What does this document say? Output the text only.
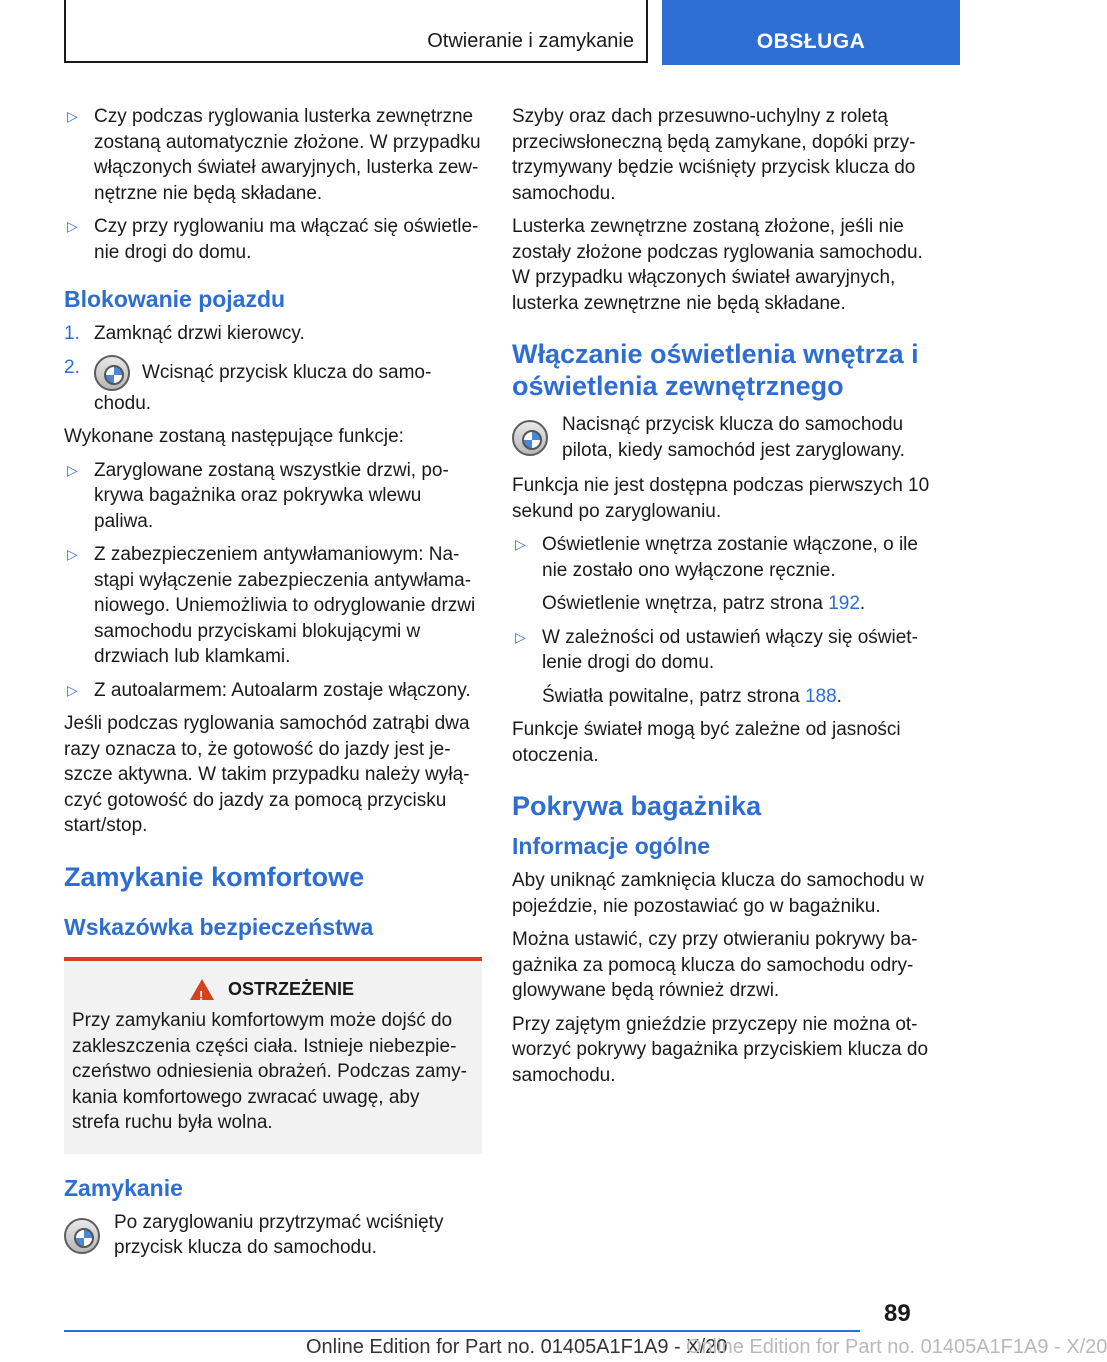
Otwieranie i zamykanie	OBSŁUGA
▷ Czy podczas ryglowania lusterka zewnętrzne zostaną automatycznie złożone. W przypadku włączonych świateł awaryjnych, lusterka zew-nętrzne nie będą składane.
▷ Czy przy ryglowaniu ma włączać się oświetle-nie drogi do domu.
Blokowanie pojazdu
1. Zamknąć drzwi kierowcy.
2.	Wcisnąć przycisk klucza do samo-chodu.

Wykonane zostaną następujące funkcje:

▷ Zaryglowane zostaną wszystkie drzwi, po-krywa bagażnika oraz pokrywka wlewu paliwa.
▷ Z zabezpieczeniem antywłamaniowym: Na-stąpi wyłączenie zabezpieczenia antywłama-niowego. Uniemożliwia to odryglowanie drzwi samochodu przyciskami blokującymi w drzwiach lub klamkami.
▷ Z autoalarmem: Autoalarm zostaje włączony.

Jeśli podczas ryglowania samochód zatrąbi dwa razy oznacza to, że gotowość do jazdy jest je-szcze aktywna. W takim przypadku należy wyłą-czyć gotowość do jazdy za pomocą przycisku start/stop.

Zamykanie komfortowe
Wskazówka bezpieczeństwa
!
OSTRZEŻENIE
Przy zamykaniu komfortowym może dojść do zakleszczenia części ciała. Istnieje niebezpie-czeństwo odniesienia obrażeń. Podczas zamy-kania komfortowego zwracać uwagę, aby strefa ruchu była wolna.
Zamykanie
Po zaryglowaniu przytrzymać wciśnięty przycisk klucza do samochodu.

Szyby oraz dach przesuwno-uchylny z roletą przeciwsłoneczną będą zamykane, dopóki przy-trzymywany będzie wciśnięty przycisk klucza do samochodu.

Lusterka zewnętrzne zostaną złożone, jeśli nie zostały złożone podczas ryglowania samochodu. W przypadku włączonych świateł awaryjnych, lusterka zewnętrzne nie będą składane.

Włączanie oświetlenia wnętrza i oświetlenia zewnętrznego
Nacisnąć przycisk klucza do samochodu pilota, kiedy samochód jest zaryglowany.

Funkcja nie jest dostępna podczas pierwszych 10 sekund po zaryglowaniu.

▷ Oświetlenie wnętrza zostanie włączone, o ile nie zostało ono wyłączone ręcznie.
Oświetlenie wnętrza, patrz strona 192.
▷ W zależności od ustawień włączy się oświet-lenie drogi do domu.
Światła powitalne, patrz strona 188.

Funkcje świateł mogą być zależne od jasności otoczenia.

Pokrywa bagażnika
Informacje ogólne

Aby uniknąć zamknięcia klucza do samochodu w pojeździe, nie pozostawiać go w bagażniku.

Można ustawić, czy przy otwieraniu pokrywy ba-gażnika za pomocą klucza do samochodu odry-glowywane będą również drzwi.

Przy zajętym gnieździe przyczepy nie można ot-worzyć pokrywy bagażnika przyciskiem klucza do samochodu.

89
Online Edition for Part no. 01405A1F1A9 - X/20
Online Edition for Part no. 01405A1F1A9 - X/20
